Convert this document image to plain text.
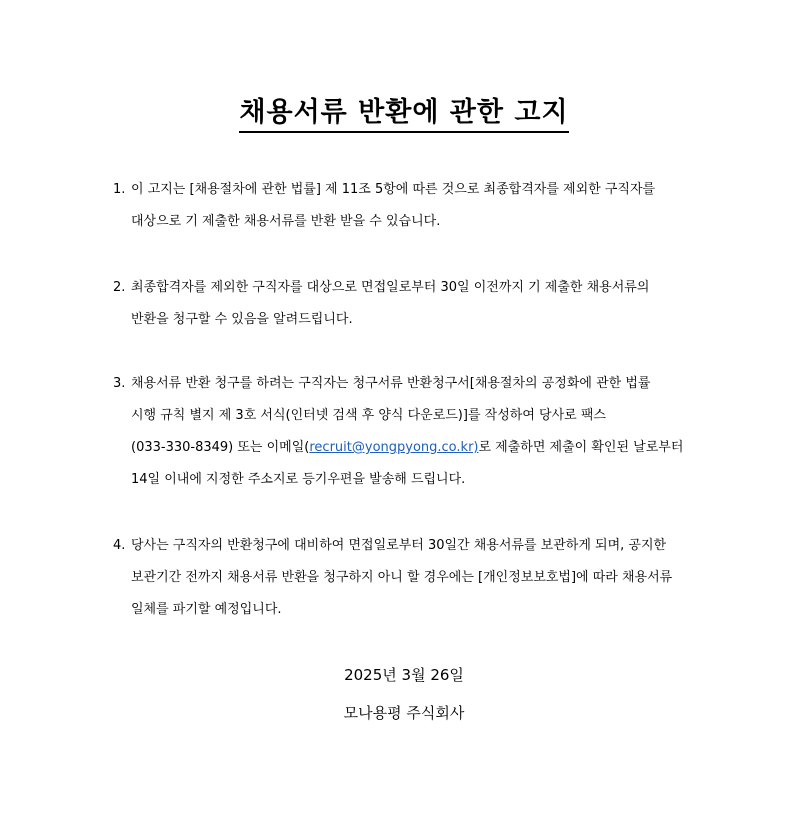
채용서류 반환에 관한 고지
1. 이 고지는 [채용절차에 관한 법률] 제 11조 5항에 따른 것으로 최종합격자를 제외한 구직자를
대상으로 기 제출한 채용서류를 반환 받을 수 있습니다.
2. 최종합격자를 제외한 구직자를 대상으로 면접일로부터 30일 이전까지 기 제출한 채용서류의
반환을 청구할 수 있음을 알려드립니다.
3. 채용서류 반환 청구를 하려는 구직자는 청구서류 반환청구서[채용절차의 공정화에 관한 법률
시행 규칙 별지 제 3호 서식(인터넷 검색 후 양식 다운로드)]를 작성하여 당사로 팩스
(033-330-8349) 또는 이메일(recruit@yongpyong.co.kr)로 제출하면 제출이 확인된 날로부터
14일 이내에 지정한 주소지로 등기우편을 발송해 드립니다.
4. 당사는 구직자의 반환청구에 대비하여 면접일로부터 30일간 채용서류를 보관하게 되며, 공지한
보관기간 전까지 채용서류 반환을 청구하지 아니 할 경우에는 [개인정보보호법]에 따라 채용서류
일체를 파기할 예정입니다.
2025년 3월 26일
모나용평 주식회사
